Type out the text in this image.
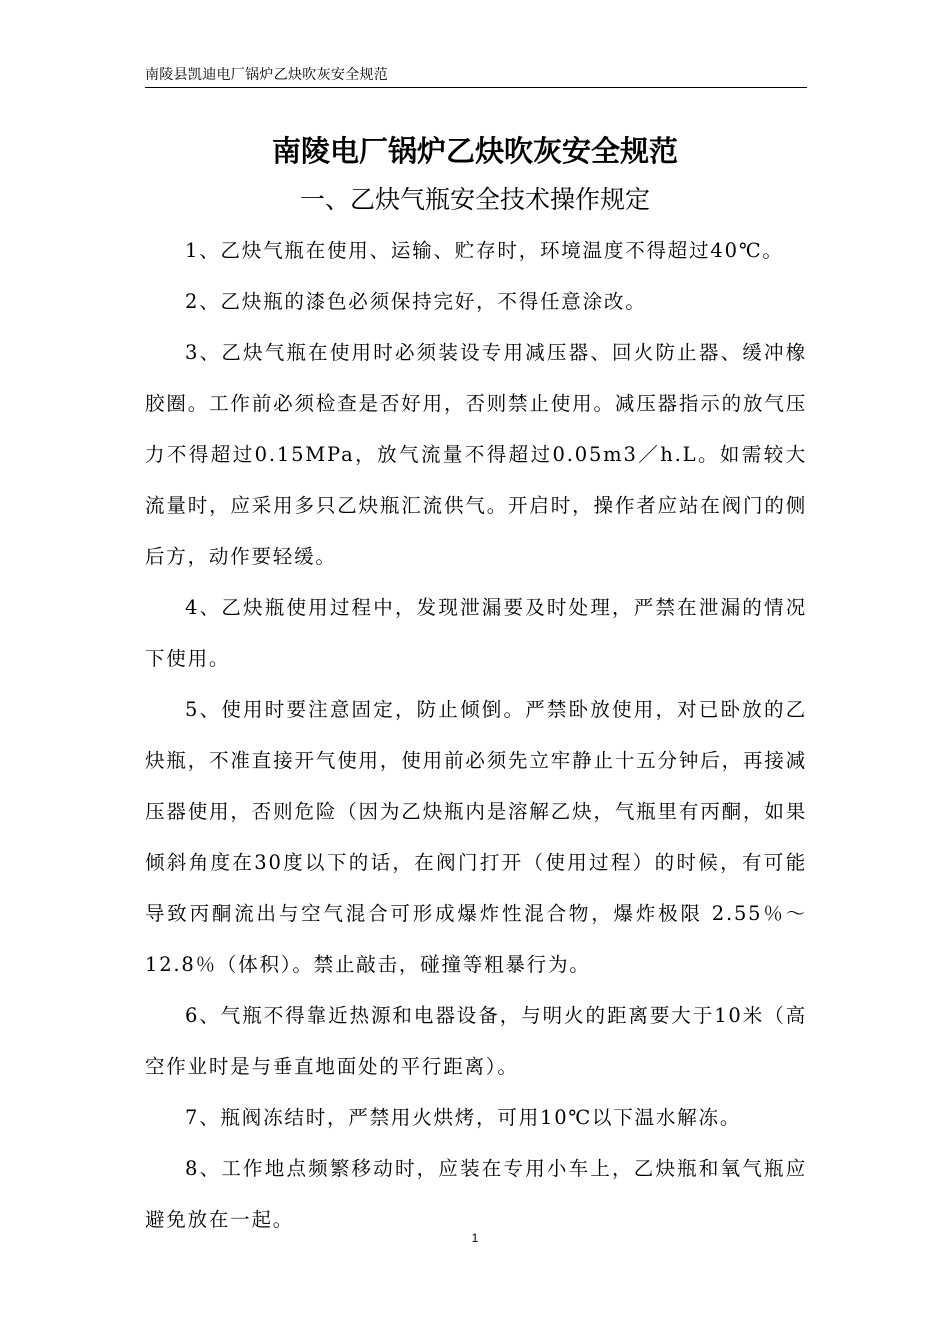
南陵县凯迪电厂锅炉乙炔吹灰安全规范
南陵电厂锅炉乙炔吹灰安全规范
一、乙炔气瓶安全技术操作规定

1、乙炔气瓶在使用、运输、贮存时，环境温度不得超过40℃。

2、乙炔瓶的漆色必须保持完好，不得任意涂改。

3、乙炔气瓶在使用时必须装设专用减压器、回火防止器、缓冲橡胶圈。工作前必须检查是否好用，否则禁止使用。减压器指示的放气压力不得超过0.15MPa，放气流量不得超过0.05m3／h.L。如需较大流量时，应采用多只乙炔瓶汇流供气。开启时，操作者应站在阀门的侧后方，动作要轻缓。

4、乙炔瓶使用过程中，发现泄漏要及时处理，严禁在泄漏的情况下使用。

5、使用时要注意固定，防止倾倒。严禁卧放使用，对已卧放的乙炔瓶，不准直接开气使用，使用前必须先立牢静止十五分钟后，再接减压器使用，否则危险（因为乙炔瓶内是溶解乙炔，气瓶里有丙酮，如果倾斜角度在30度以下的话，在阀门打开（使用过程）的时候，有可能导致丙酮流出与空气混合可形成爆炸性混合物，爆炸极限 2.55％～12.8％（体积）。禁止敲击，碰撞等粗暴行为。

6、气瓶不得靠近热源和电器设备，与明火的距离要大于10米（高空作业时是与垂直地面处的平行距离）。

7、瓶阀冻结时，严禁用火烘烤，可用10℃以下温水解冻。

8、工作地点频繁移动时，应装在专用小车上，乙炔瓶和氧气瓶应避免放在一起。

1
